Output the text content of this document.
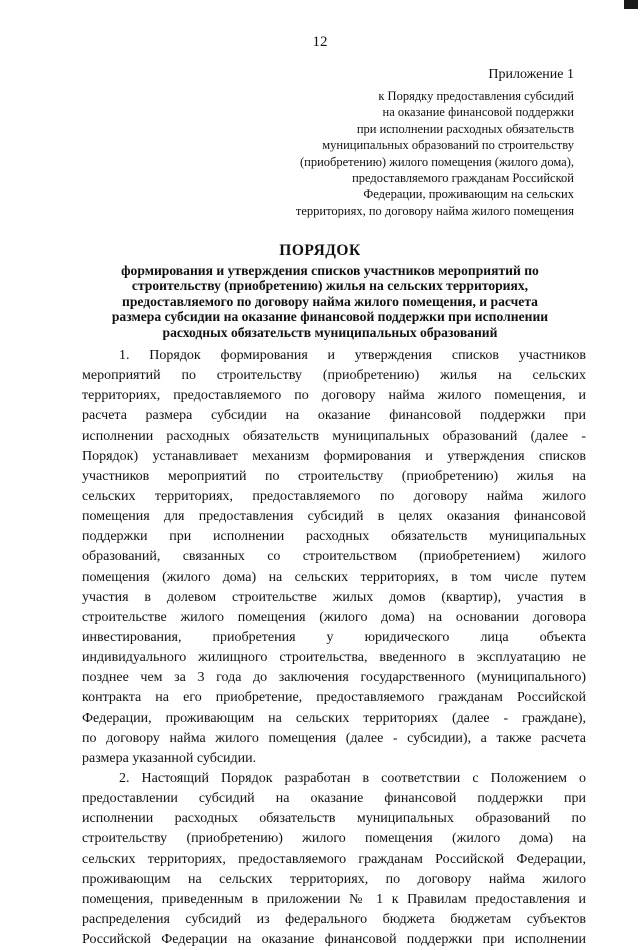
12
Приложение 1
к Порядку предоставления субсидий
на оказание финансовой поддержки
при исполнении расходных обязательств
муниципальных образований по строительству
(приобретению) жилого помещения (жилого дома),
предоставляемого гражданам Российской
Федерации, проживающим на сельских
территориях, по договору найма жилого помещения
ПОРЯДОК
формирования и утверждения списков участников мероприятий по
строительству (приобретению) жилья на сельских территориях,
предоставляемого по договору найма жилого помещения, и расчета
размера субсидии на оказание финансовой поддержки при исполнении
расходных обязательств муниципальных образований
1. Порядок формирования и утверждения списков участников
мероприятий по строительству (приобретению) жилья на сельских
территориях, предоставляемого по договору найма жилого помещения, и
расчета размера субсидии на оказание финансовой поддержки при
исполнении расходных обязательств муниципальных образований (далее -
Порядок) устанавливает механизм формирования и утверждения списков
участников мероприятий по строительству (приобретению) жилья на
сельских территориях, предоставляемого по договору найма жилого
помещения для предоставления субсидий в целях оказания финансовой
поддержки при исполнении расходных обязательств муниципальных
образований, связанных со строительством (приобретением) жилого
помещения (жилого дома) на сельских территориях, в том числе путем
участия в долевом строительстве жилых домов (квартир), участия в
строительстве жилого помещения (жилого дома) на основании договора
инвестирования, приобретения у юридического лица объекта
индивидуального жилищного строительства, введенного в эксплуатацию не
позднее чем за 3 года до заключения государственного (муниципального)
контракта на его приобретение, предоставляемого гражданам Российской
Федерации, проживающим на сельских территориях (далее - граждане),
по договору найма жилого помещения (далее - субсидии), а также расчета
размера указанной субсидии.
2. Настоящий Порядок разработан в соответствии с Положением о
предоставлении субсидий на оказание финансовой поддержки при
исполнении расходных обязательств муниципальных образований по
строительству (приобретению) жилого помещения (жилого дома) на
сельских территориях, предоставляемого гражданам Российской Федерации,
проживающим на сельских территориях, по договору найма жилого
помещения, приведенным в приложении № 1 к Правилам предоставления и
распределения субсидий из федерального бюджета бюджетам субъектов
Российской Федерации на оказание финансовой поддержки при исполнении
